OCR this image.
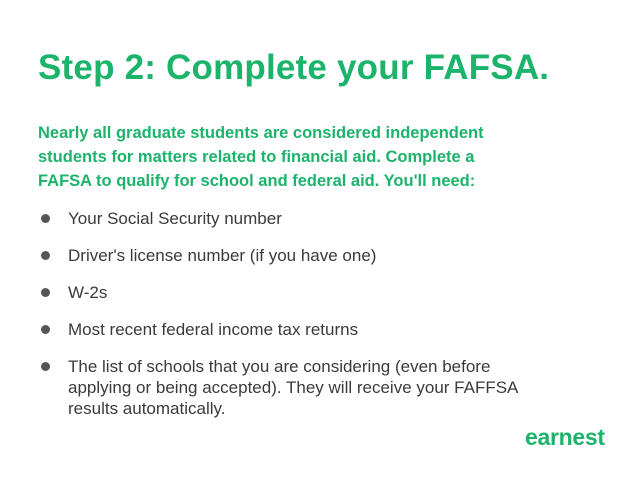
Step 2: Complete your FAFSA.

Nearly all graduate students are considered independent
students for matters related to financial aid. Complete a
FAFSA to qualify for school and federal aid. You'll need:

Your Social Security number
Driver's license number (if you have one)
W-2s
Most recent federal income tax returns
The list of schools that you are considering (even before
applying or being accepted). They will receive your FAFFSA
results automatically.
earnest
